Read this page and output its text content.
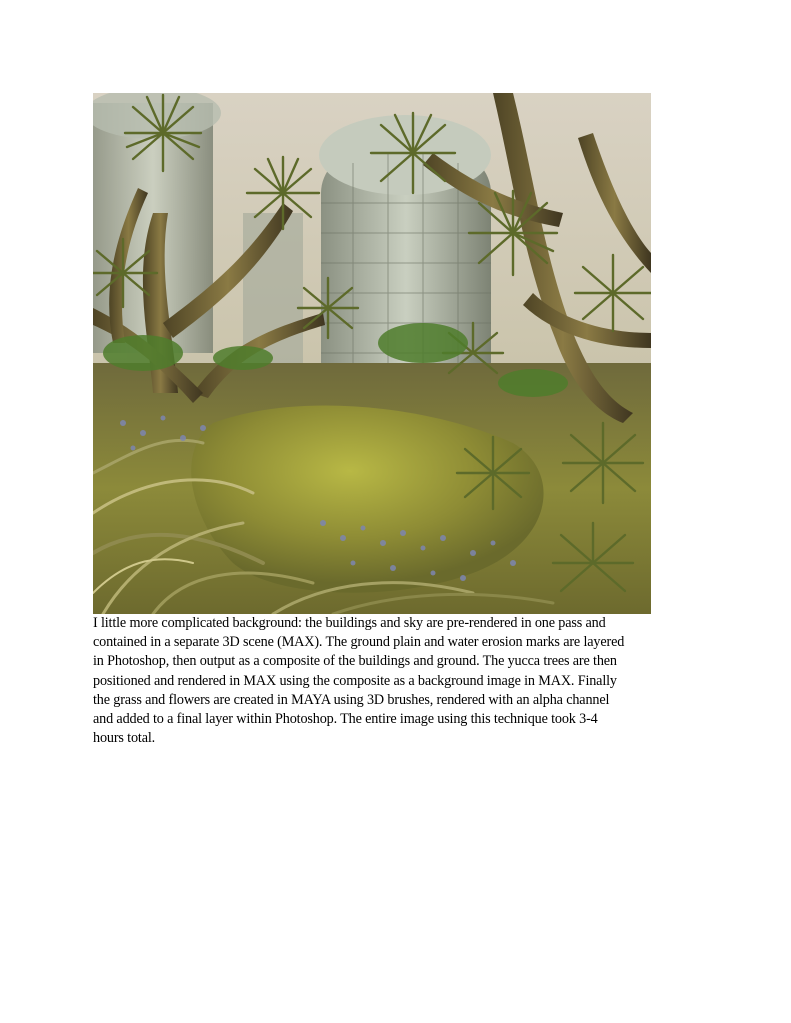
I little more complicated background: the buildings and sky are pre-rendered in one pass and
contained in a separate 3D scene (MAX). The ground plain and water erosion marks are layered
in Photoshop, then output as a composite of the buildings and ground. The yucca trees are then
positioned and rendered in MAX using the composite as a background image in MAX. Finally
the grass and flowers are created in MAYA using 3D brushes, rendered with an alpha channel
and added to a final layer within Photoshop. The entire image using this technique took 3-4
hours total.
